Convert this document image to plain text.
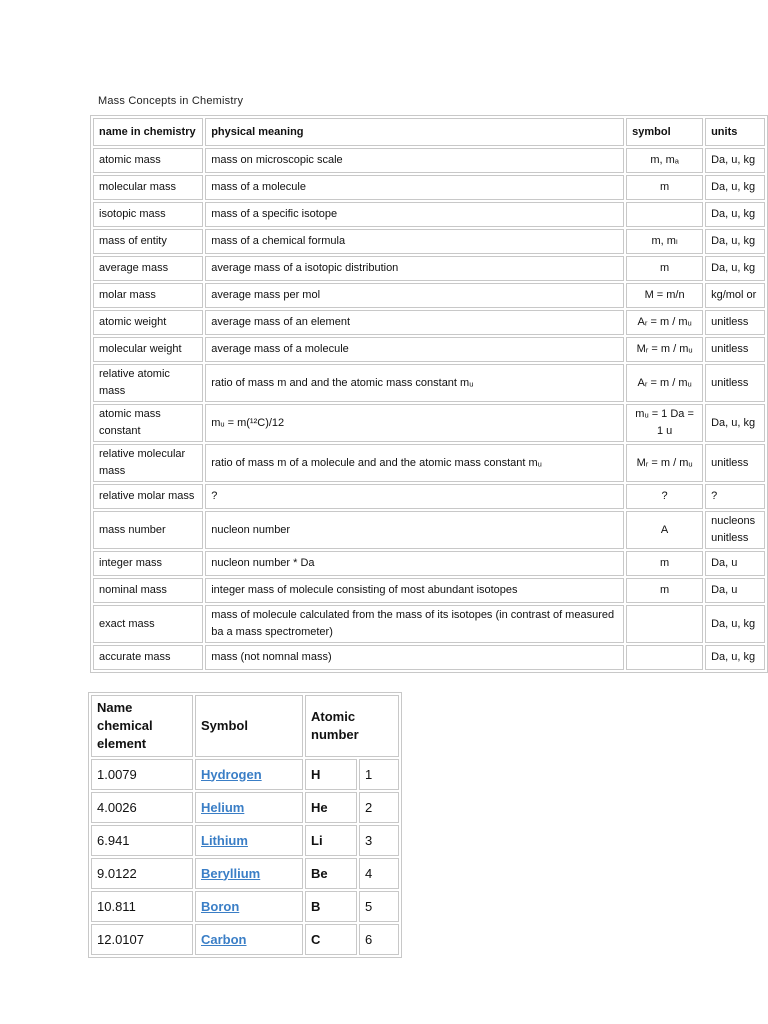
Mass Concepts in Chemistry
name in chemistry	physical meaning	symbol	units
atomic mass	mass on microscopic scale	m, mₐ	Da, u, kg
molecular mass	mass of a molecule	m	Da, u, kg
isotopic mass	mass of a specific isotope		Da, u, kg
mass of entity	mass of a chemical formula	m, mₗ	Da, u, kg
average mass	average mass of a isotopic distribution	m	Da, u, kg
molar mass	average mass per mol	M = m/n	kg/mol or
atomic weight	average mass of an element	Aᵣ = m / mᵤ	unitless
molecular weight	average mass of a molecule	Mᵣ = m / mᵤ	unitless
relative atomic mass	ratio of mass m and and the atomic mass constant mᵤ	Aᵣ = m / mᵤ	unitless
atomic mass constant	mᵤ = m(¹²C)/12	mᵤ = 1 Da = 1 u	Da, u, kg
relative molecular mass	ratio of mass m of a molecule and and the atomic mass constant mᵤ	Mᵣ = m / mᵤ	unitless
relative molar mass	?	?	?
mass number	nucleon number	A	nucleons unitless
integer mass	nucleon number * Da	m	Da, u
nominal mass	integer mass of molecule consisting of most abundant isotopes	m	Da, u
exact mass	mass of molecule calculated from the mass of its isotopes (in contrast of measured ba a mass spectrometer)		Da, u, kg
accurate mass	mass (not nomnal mass)		Da, u, kg
Name chemical element	Symbol	Atomic number	
1.0079	Hydrogen	H	1
4.0026	Helium	He	2
6.941	Lithium	Li	3
9.0122	Beryllium	Be	4
10.811	Boron	B	5
12.0107	Carbon	C	6
